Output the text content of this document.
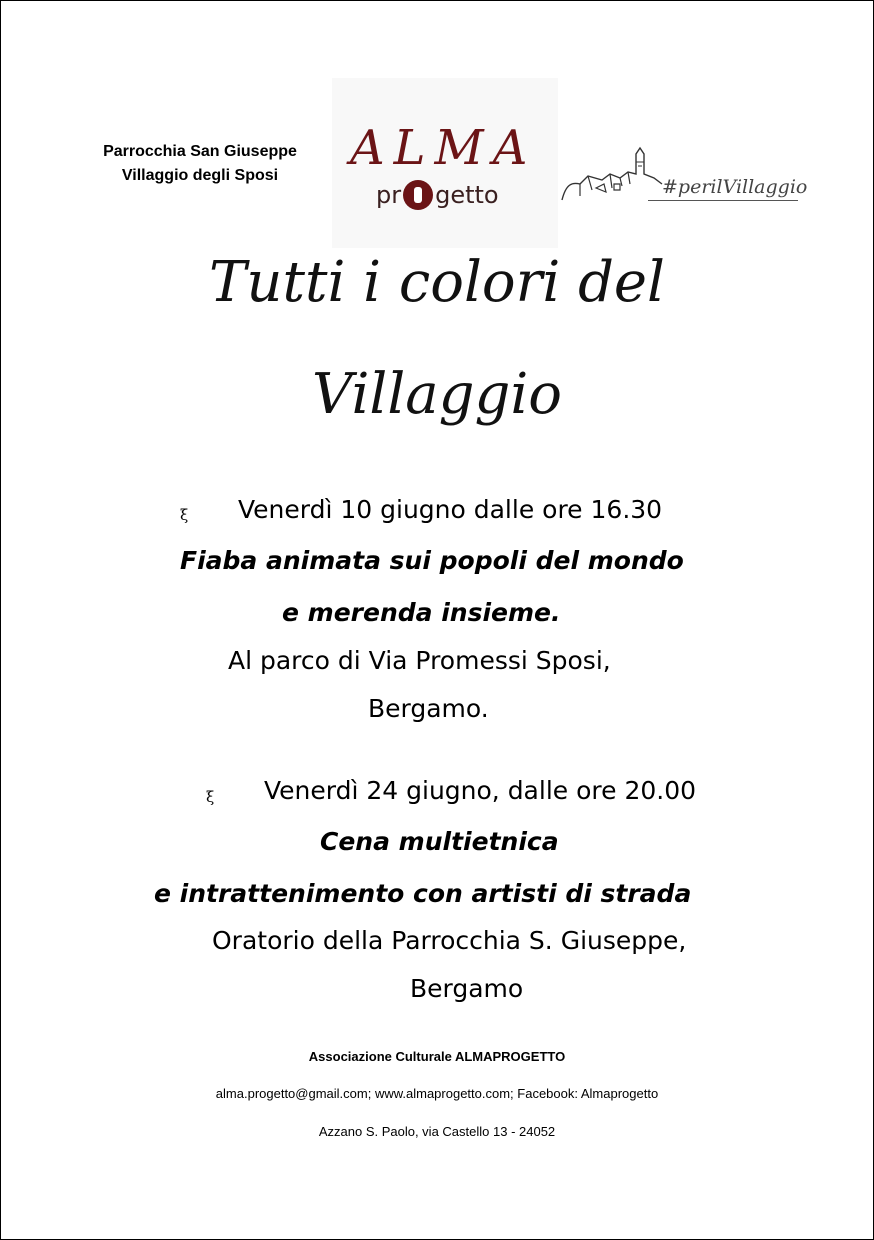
Parrocchia San Giuseppe
Villaggio degli Sposi	ALMA
pr getto	#perilVillaggio
Tutti i colori del
Villaggio
ξ Venerdì 10 giugno dalle ore 16.30
Fiaba animata sui popoli del mondo
e merenda insieme.
Al parco di Via Promessi Sposi,
Bergamo.
ξ Venerdì 24 giugno, dalle ore 20.00
Cena multietnica
e intrattenimento con artisti di strada
Oratorio della Parrocchia S. Giuseppe,
Bergamo
Associazione Culturale ALMAPROGETTO
alma.progetto@gmail.com; www.almaprogetto.com; Facebook: Almaprogetto
Azzano S. Paolo, via Castello 13 - 24052
